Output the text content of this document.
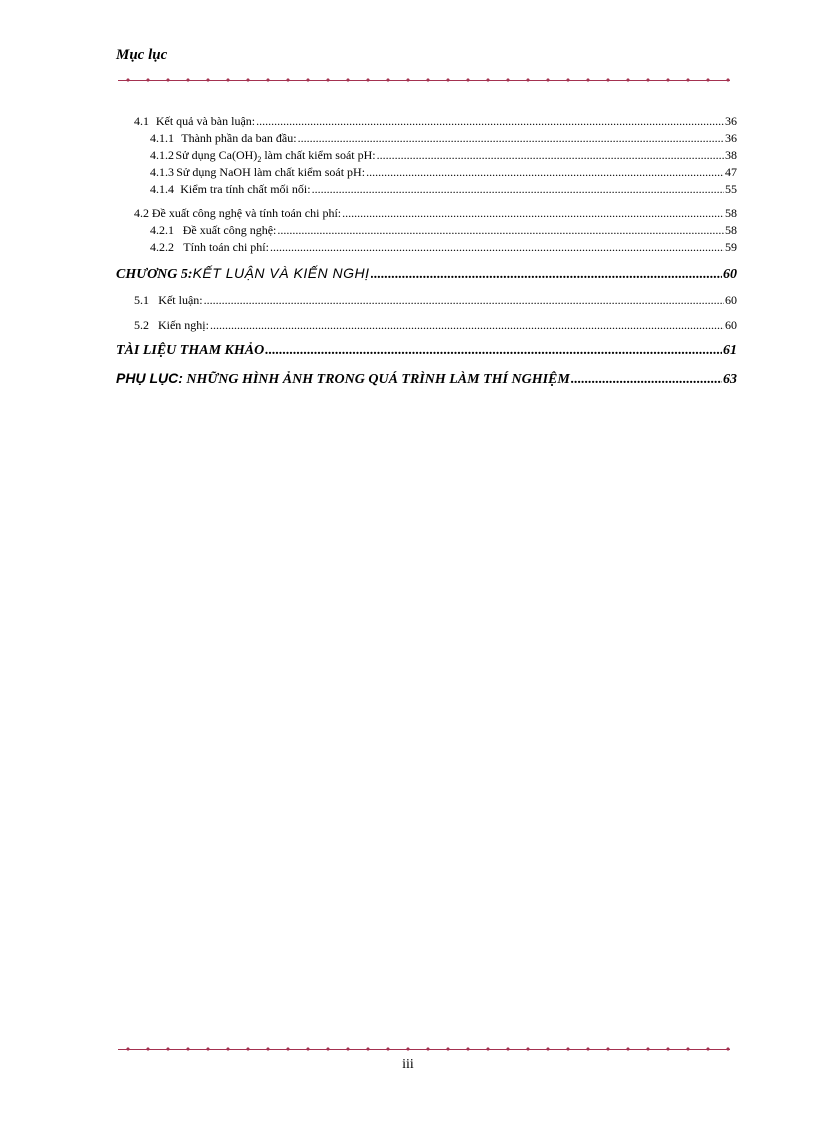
Mục lục
4.1 Kết quả và bàn luận: .....	36
4.1.1 Thành phần da ban đầu: .....	36
4.1.2 Sử dụng $Ca(OH)_2$ làm chất kiểm soát pH: .....	38
4.1.3 Sử dụng NaOH làm chất kiểm soát pH: .....	47
4.1.4 Kiểm tra tính chất mối nối: .....	55
4.2 Đề xuất công nghệ và tính toán chi phí: .....	58
4.2.1 Đề xuất công nghệ: .....	58
4.2.2 Tính toán chi phí: .....	59
CHƯƠNG 5: KẾT LUẬN VÀ KIẾN NGHỊ .....	60
5.1 Kết luận: .....	60
5.2 Kiến nghị: .....	60
TÀI LIỆU THAM KHẢO .....	61
PHỤ LỤC: NHỮNG HÌNH ẢNH TRONG QUÁ TRÌNH LÀM THÍ NGHIỆM .....	63
iii
